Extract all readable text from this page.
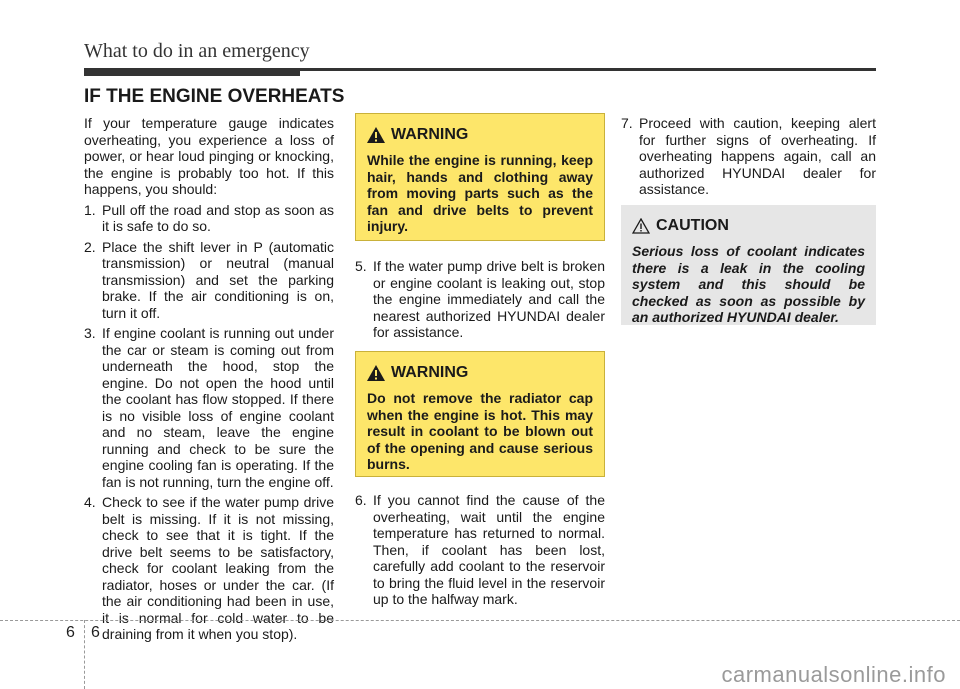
What to do in an emergency
IF THE ENGINE OVERHEATS

If your temperature gauge indicates overheating, you experience a loss of power, or hear loud pinging or knocking, the engine is probably too hot. If this happens, you should:

1. Pull off the road and stop as soon as it is safe to do so.
2. Place the shift lever in P (automatic transmission) or neutral (manual transmission) and set the parking brake. If the air conditioning is on, turn it off.
3. If engine coolant is running out under the car or steam is coming out from underneath the hood, stop the engine. Do not open the hood until the coolant has flow stopped. If there is no visible loss of engine coolant and no steam, leave the engine running and check to be sure the engine cooling fan is operating. If the fan is not running, turn the engine off.
4. Check to see if the water pump drive belt is missing. If it is not missing, check to see that it is tight. If the drive belt seems to be satisfactory, check for coolant leaking from the radiator, hoses or under the car. (If the air conditioning had been in use, it is normal for cold water to be draining from it when you stop).
WARNING
While the engine is running, keep hair, hands and clothing away from moving parts such as the fan and drive belts to prevent injury.
5. If the water pump drive belt is broken or engine coolant is leaking out, stop the engine immediately and call the nearest authorized HYUNDAI dealer for assistance.
WARNING
Do not remove the radiator cap when the engine is hot. This may result in coolant to be blown out of the opening and cause serious burns.
6. If you cannot find the cause of the overheating, wait until the engine temperature has returned to normal. Then, if coolant has been lost, carefully add coolant to the reservoir to bring the fluid level in the reservoir up to the halfway mark.
7. Proceed with caution, keeping alert for further signs of overheating. If overheating happens again, call an authorized HYUNDAI dealer for assistance.
CAUTION
Serious loss of coolant indicates there is a leak in the cooling system and this should be checked as soon as possible by an authorized HYUNDAI dealer.
6 6
carmanualsonline.info
